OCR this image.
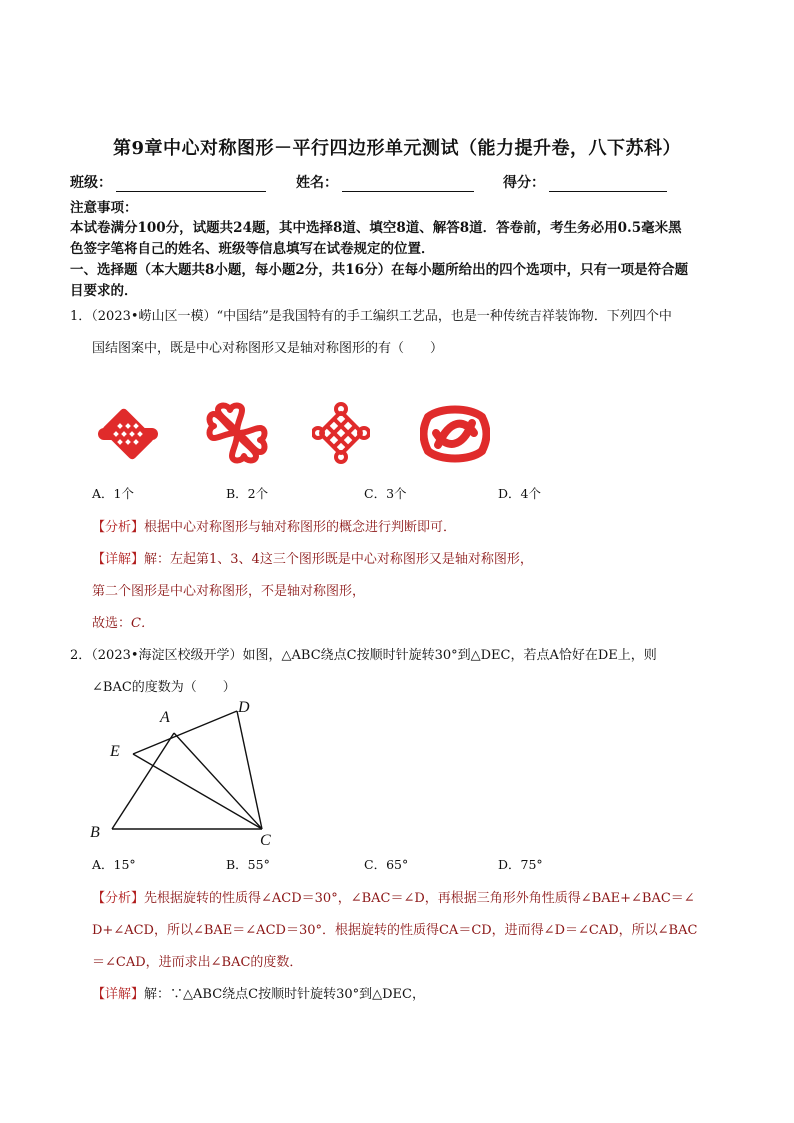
第9章中心对称图形－平行四边形单元测试（能力提升卷，八下苏科）
班级：	姓名：	得分：
注意事项：
本试卷满分100分，试题共24题，其中选择8道、填空8道、解答8道．答卷前，考生务必用0.5毫米黑
色签字笔将自己的姓名、班级等信息填写在试卷规定的位置．
一、选择题（本大题共8小题，每小题2分，共16分）在每小题所给出的四个选项中，只有一项是符合题
目要求的．
1．（2023•崂山区一模）“中国结”是我国特有的手工编织工艺品，也是一种传统吉祥装饰物．下列四个中
国结图案中，既是中心对称图形又是轴对称图形的有（　　）
A．1个	B．2个	C．3个	D．4个
【分析】根据中心对称图形与轴对称图形的概念进行判断即可．
【详解】解：左起第1、3、4这三个图形既是中心对称图形又是轴对称图形，
第二个图形是中心对称图形，不是轴对称图形，
故选：C．
2．（2023•海淀区校级开学）如图，△ABC绕点C按顺时针旋转30°到△DEC，若点A恰好在DE上，则
∠BAC的度数为（　　）
A
D
E
B	C
A．15°	B．55°	C．65°	D．75°
【分析】先根据旋转的性质得∠ACD＝30°，∠BAC＝∠D，再根据三角形外角性质得∠BAE+∠BAC＝∠
D+∠ACD，所以∠BAE＝∠ACD＝30°．根据旋转的性质得CA＝CD，进而得∠D＝∠CAD，所以∠BAC
＝∠CAD，进而求出∠BAC的度数．
【详解】解：∵△ABC绕点C按顺时针旋转30°到△DEC，
